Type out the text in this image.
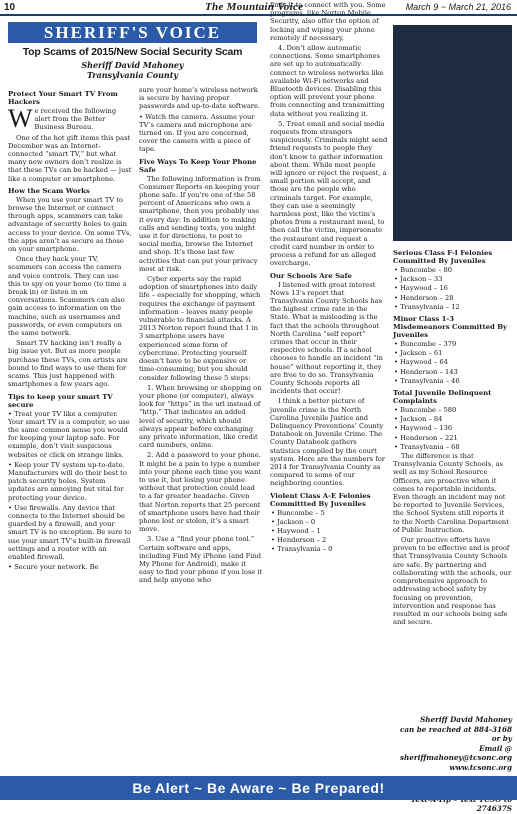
10	The Mountain Voice	March 9 ~ March 21, 2016
SHERIFF'S VOICE
Top Scams of 2015/New Social Security Scam
Sheriff David Mahoney
Transylvania County
Protect Your Smart TV From Hackers

We received the following alert from the Better Business Bureau.

One of the hot gift items this past December was an Internet-connected “smart TV,” but what many new owners don’t realize is that these TVs can be hacked — just like a computer or smartphone.

How the Scam Works

When you use your smart TV to browse the Internet or connect through apps, scammers can take advantage of security holes to gain access to your device. On some TVs, the apps aren’t as secure as those on your smartphone.

Once they hack your TV, scammers can access the camera and voice controls. They can use this to spy on your home (to time a break in) or listen in on conversations. Scammers can also gain access to information on the machine, such as usernames and passwords, or even computers on the same network.

Smart TV hacking isn’t really a big issue yet. But as more people purchase these TVs, con artists are bound to find ways to use them for scams. This just happened with smartphones a few years ago.

Tips to keep your smart TV secure

• Treat your TV like a computer. Your smart TV is a computer, so use the same common sense you would for keeping your laptop safe. For example, don’t visit suspicious websites or click on strange links.

• Keep your TV system up-to-date. Manufacturers will do their best to patch security holes. System updates are annoying but vital for protecting your device.

• Use firewalls. Any device that connects to the Internet should be guarded by a firewall, and your smart TV is no exception. Be sure to use your smart TV’s built-in firewall settings and a router with an enabled firewall.

• Secure your network. Be

sure your home’s wireless network is secure by having proper passwords and up-to-date software.

• Watch the camera. Assume your TV’s camera and microphone are turned on. If you are concerned, cover the camera with a piece of tape.

Five Ways To Keep Your Phone Safe

The following information is from Consumer Reports on keeping your phone safe. If you’re one of the 58 percent of Americans who own a smartphone, then you probably use it every day: In addition to making calls and sending texts, you might use it for directions, to post to social media, browse the Internet and shop. It’s those last few activities that can put your privacy most at risk.

Cyber experts say the rapid adoption of smartphones into daily life – especially for shopping, which requires the exchange of payment information – leaves many people vulnerable to financial attacks. A 2013 Norton report found that 1 in 3 smartphone users have experienced some form of cybercrime. Protecting yourself doesn’t have to be expensive or time-consuming, but you should consider following these 5 steps:

1. When browsing or shopping on your phone (or computer), always look for “https” in the url instead of “http.” That indicates an added level of security, which should always appear before exchanging any private information, like credit card numbers, online.

2. Add a password to your phone. It might be a pain to type a number into your phone each time you want to use it, but losing your phone without that protection could lead to a far greater headache. Given that Norton reports that 25 percent of smartphone users have had their phone lost or stolen, it’s a smart move.

3. Use a “find your phone tool.” Certain software and apps, including Find My iPhone (and Find My Phone for Android), make it easy to find your phone if you lose it and help anyone who

finds it to connect with you. Some programs, like Norton Mobile Security, also offer the option of locking and wiping your phone remotely if necessary.

4. Don’t allow automatic connections. Some smartphones are set up to automatically connect to wireless networks like available Wi-Fi networks and Bluetooth devices. Disabling this option will prevent your phone from connecting and transmitting data without you realizing it.

5. Treat email and social media requests from strangers suspiciously. Criminals might send friend requests to people they don’t know to gather information about them. While most people will ignore or reject the request, a small portion will accept, and those are the people who criminals target. For example, they can use a seemingly harmless post, like the victim’s photos from a restaurant meal, to then call the victim, impersonate the restaurant and request a credit card number in order to process a refund for an alleged overcharge.

Our Schools Are Safe

I listened with great interest News 13’s report that Transylvania County Schools has the highest crime rate in the State. What is misleading is the fact that the schools throughout North Carolina “self report” crimes that occur in their respective schools. If a school chooses to handle an incident “in house” without reporting it, they are free to do so. Transylvania County Schools reports all incidents that occur!

I think a better picture of juvenile crime is the North Carolina Juvenile Justice and Delinquency Preventions’ County Databook on Juvenile Crime. The County Databook gathers statistics compiled by the court system. Here are the numbers for 2014 for Transylvania County as compared to some of our neighboring counties.

Violent Class A-E Felonies Committted By Juveniles
• Buncombe – 5
• Jackson – 0
• Haywood – 1
• Henderson – 2
• Transylvania – 0
Serious Class F-I Felonies Committed By Juveniles
• Buncombe – 80
• Jackson – 33
• Haywood – 16
• Henderson – 28
• Transylvania – 12
Minor Class 1-3 Misdemeanors Committed By Juveniles
• Buncombe – 379
• Jackson – 61
• Haywood – 64
• Henderson – 143
• Transylvania – 46
Total Juvenile Delinquent Complaints
• Buncombe – 580
• Jackson – 84
• Haywood – 136
• Henderson – 221
• Transylvania – 68

The difference is that Transylvania County Schools, as well as my School Resource Officers, are proactive when it comes to reportable incidents. Even though an incident may not be reported to Juvenile Services, the School System still reports it to the North Carolina Department of Public Instruction.

Our proactive efforts have proven to be effective and is proof that Transylvania County Schools are safe. By partnering and collaborating with the schools, our comprehensive approach to addressing school safety by focusing on prevention, intervention and response has resulted in our schools being safe and secure.

Sheriff David Mahoney
can be reached at 884-3168 or by
Email @ sheriffmahoney@tcsonc.org
www.tcsonc.org
274637S
Be Alert ~ Be Aware ~ Be Prepared!
